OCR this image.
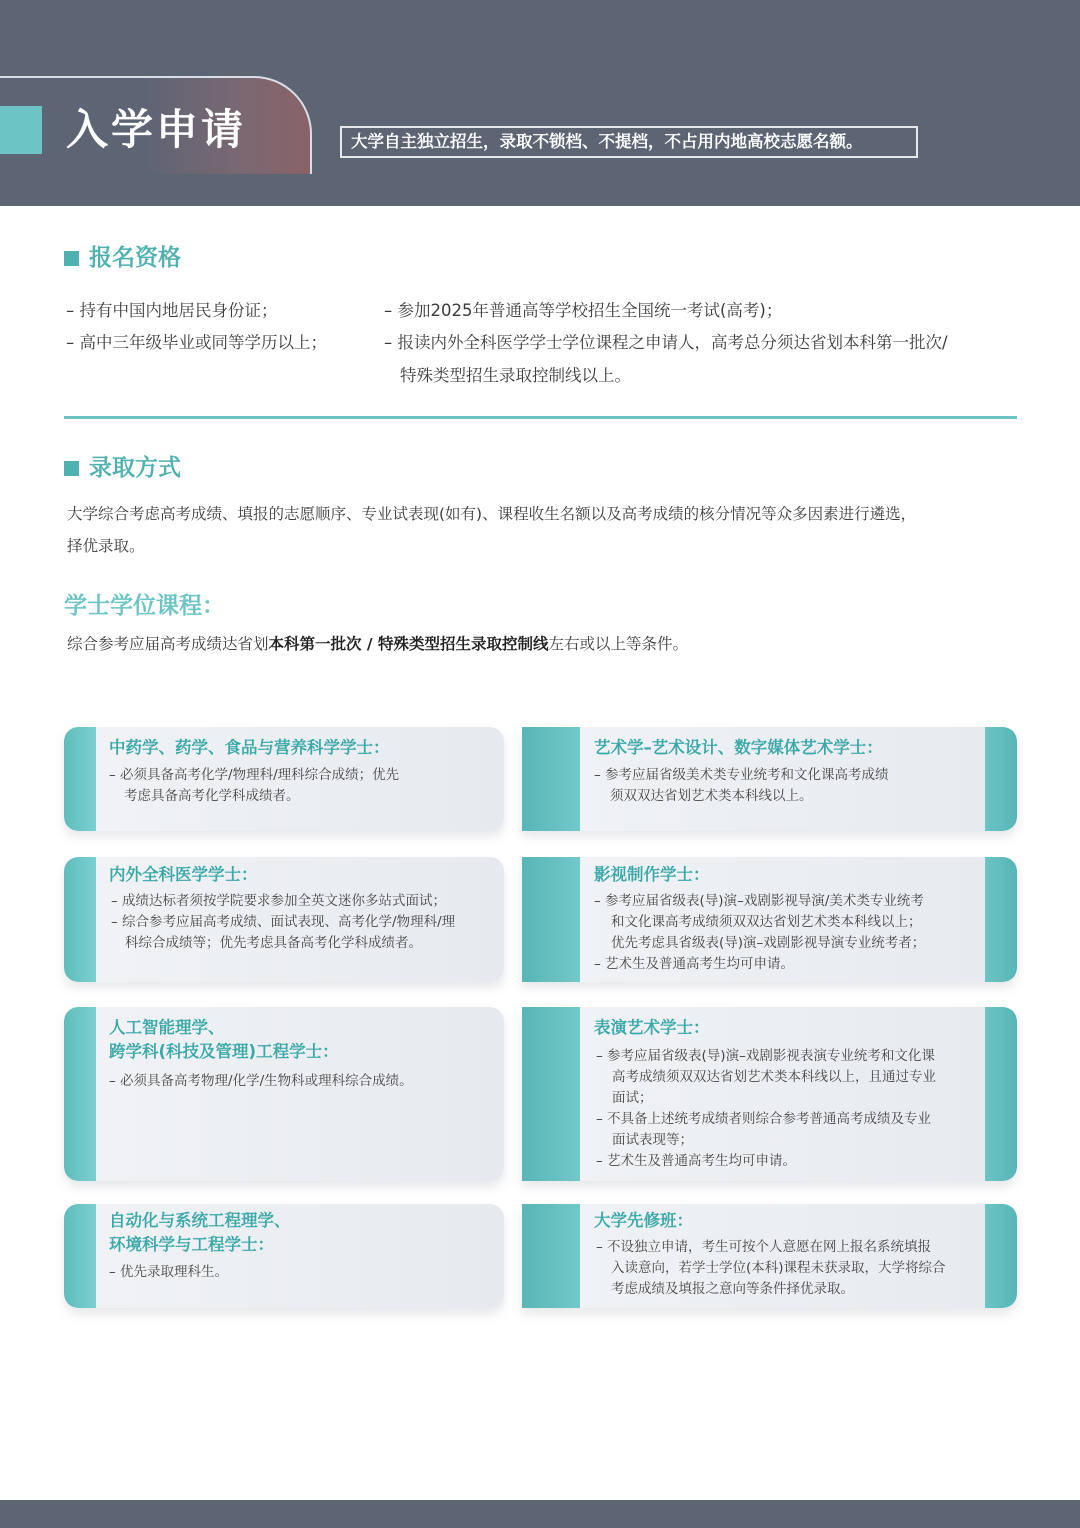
入学申请	大学自主独立招生，录取不锁档、不提档，不占用内地高校志愿名额。
报名资格
– 持有中国内地居民身份证；
– 高中三年级毕业或同等学历以上；
– 参加2025年普通高等学校招生全国统一考试(高考)；
– 报读内外全科医学学士学位课程之申请人，高考总分须达省划本科第一批次/
特殊类型招生录取控制线以上。
录取方式
大学综合考虑高考成绩、填报的志愿顺序、专业试表现(如有)、课程收生名额以及高考成绩的核分情况等众多因素进行遴选，
择优录取。
学士学位课程：
综合参考应届高考成绩达省划本科第一批次 / 特殊类型招生录取控制线左右或以上等条件。
中药学、药学、食品与营养科学学士：
– 必须具备高考化学/物理科/理科综合成绩；优先
考虑具备高考化学科成绩者。
艺术学–艺术设计、数字媒体艺术学士：
– 参考应届省级美术类专业统考和文化课高考成绩
须双双达省划艺术类本科线以上。
内外全科医学学士：
– 成绩达标者须按学院要求参加全英文迷你多站式面试；
– 综合参考应届高考成绩、面试表现、高考化学/物理科/理
科综合成绩等；优先考虑具备高考化学科成绩者。
影视制作学士：
– 参考应届省级表(导)演–戏剧影视导演/美术类专业统考
和文化课高考成绩须双双达省划艺术类本科线以上；
优先考虑具省级表(导)演–戏剧影视导演专业统考者；
– 艺术生及普通高考生均可申请。
人工智能理学、
跨学科(科技及管理)工程学士：
– 必须具备高考物理/化学/生物科或理科综合成绩。
表演艺术学士：
– 参考应届省级表(导)演–戏剧影视表演专业统考和文化课
高考成绩须双双达省划艺术类本科线以上，且通过专业
面试；
– 不具备上述统考成绩者则综合参考普通高考成绩及专业
面试表现等；
– 艺术生及普通高考生均可申请。
自动化与系统工程理学、
环境科学与工程学士：
– 优先录取理科生。
大学先修班：
– 不设独立申请，考生可按个人意愿在网上报名系统填报
入读意向，若学士学位(本科)课程未获录取，大学将综合
考虑成绩及填报之意向等条件择优录取。
